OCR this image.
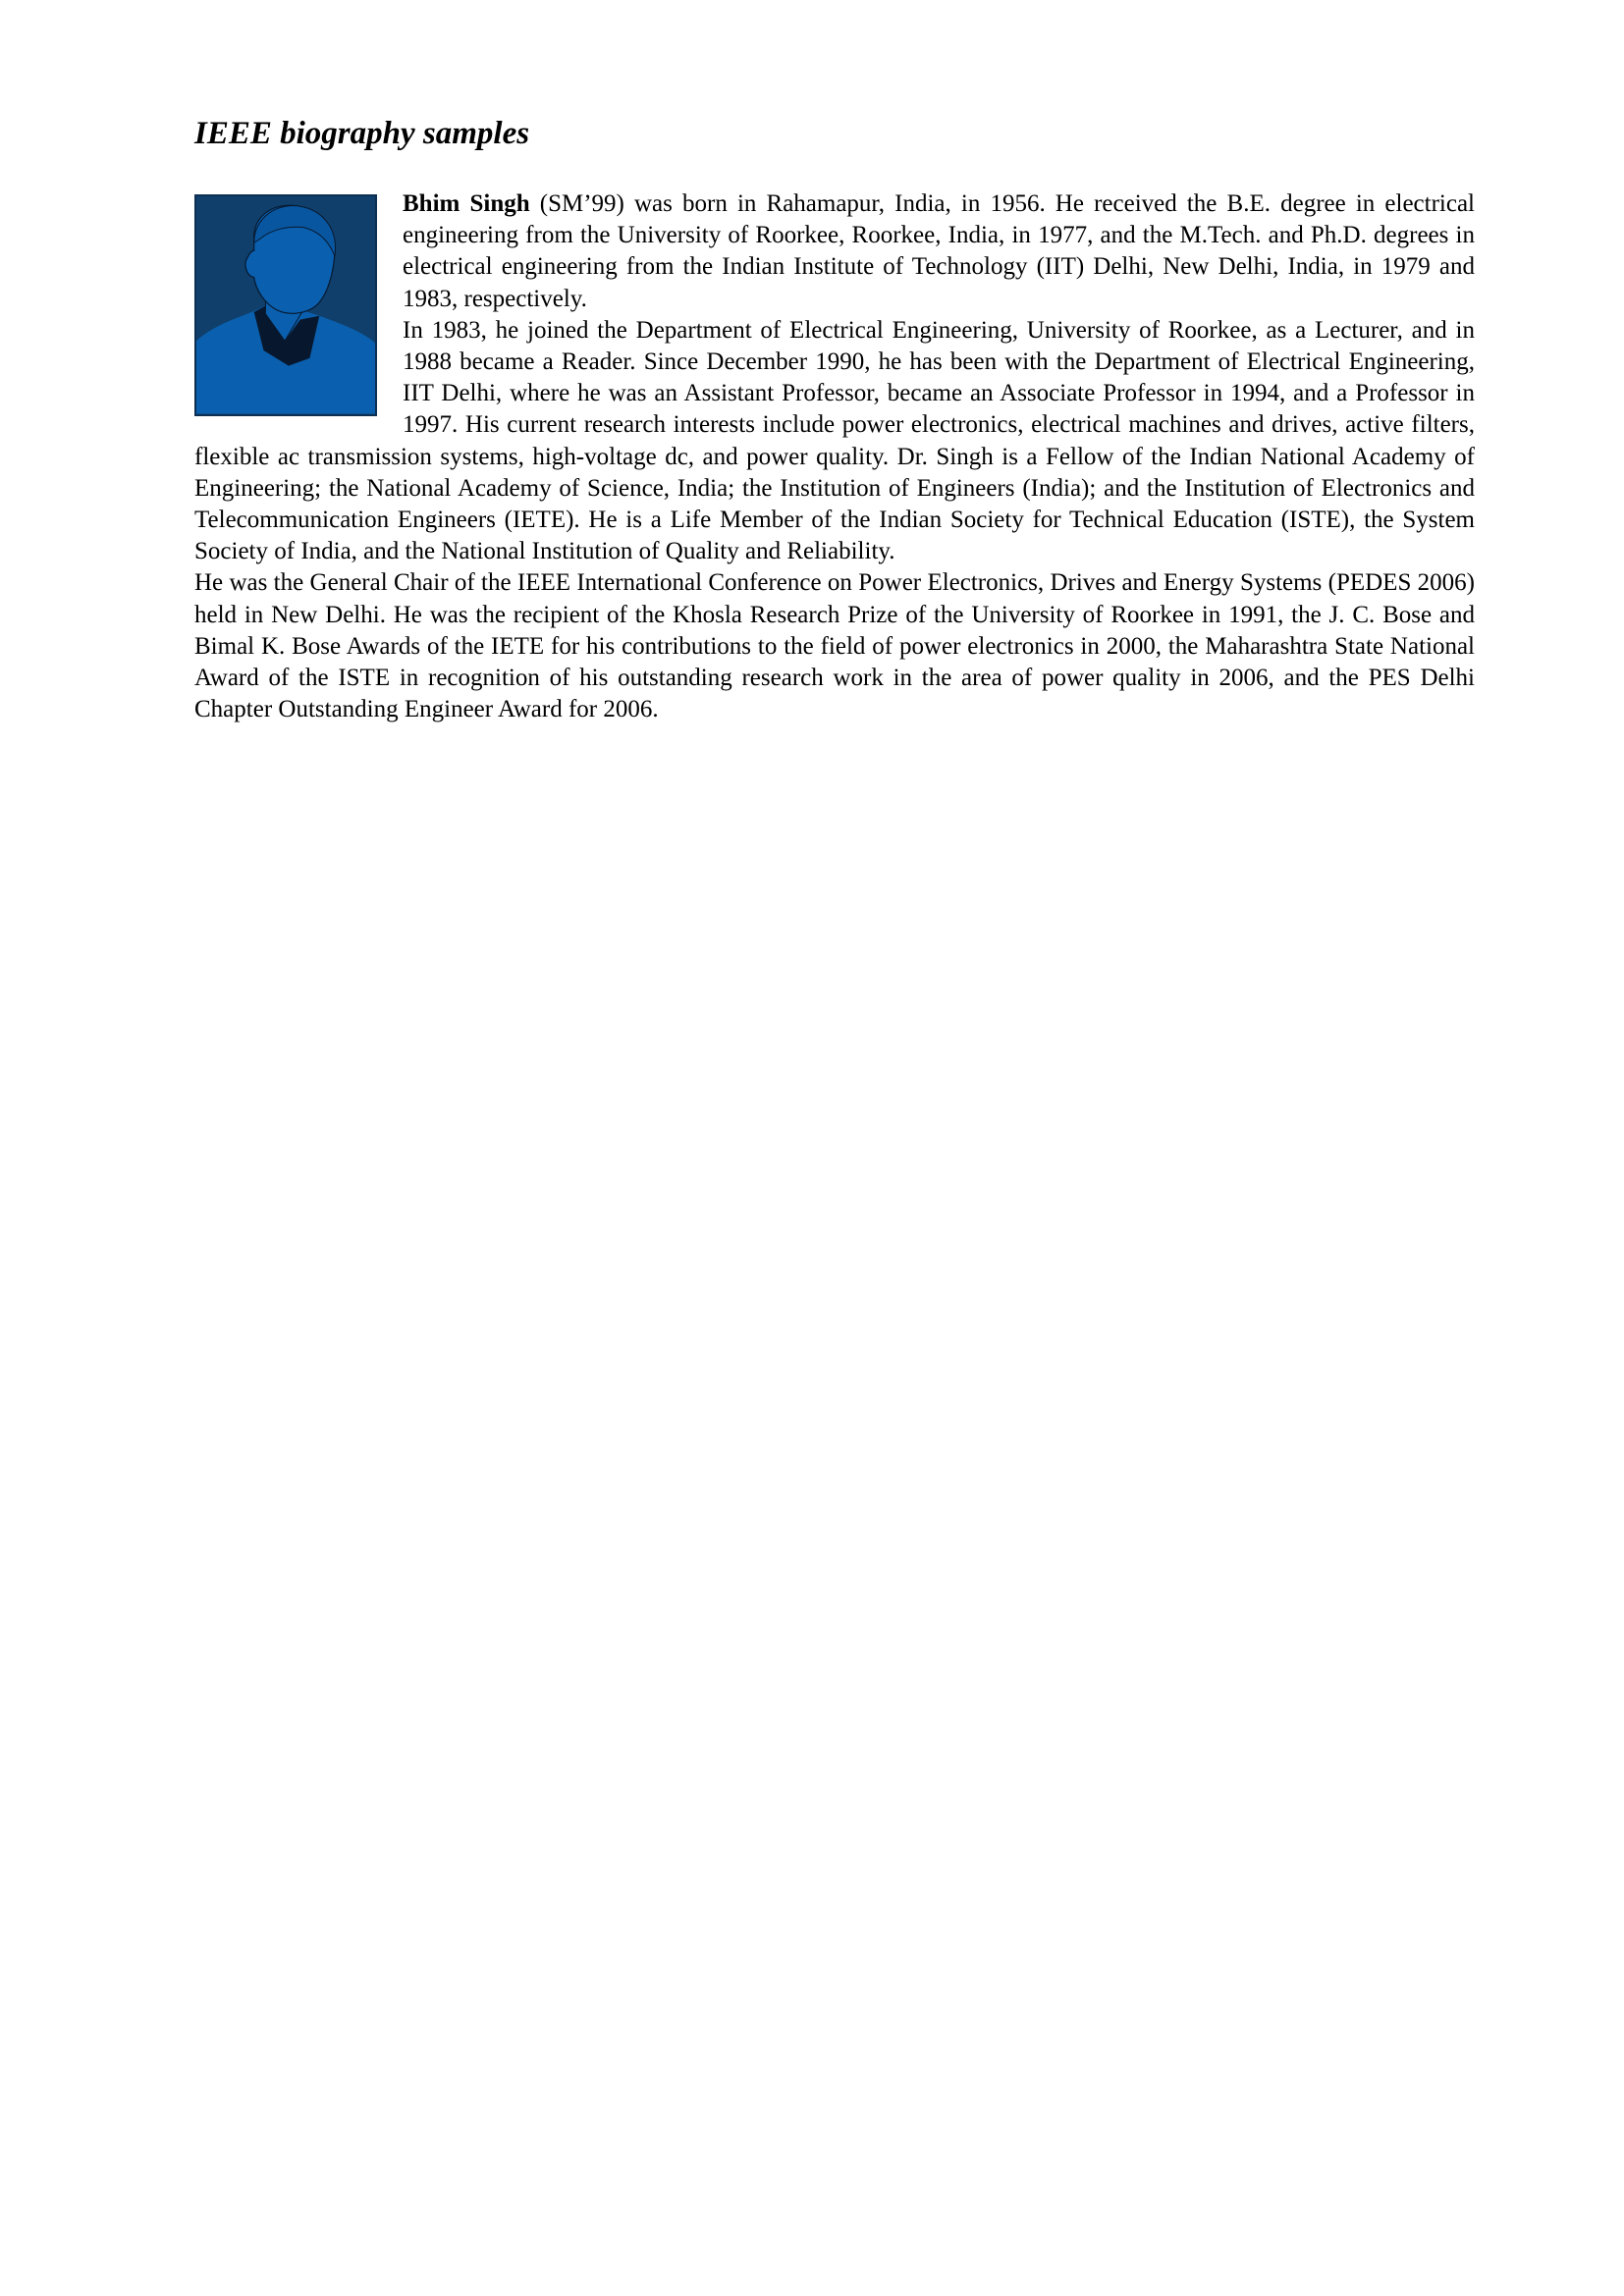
IEEE biography samples

Bhim Singh (SM’99) was born in Rahamapur, India, in 1956. He received the B.E. degree in electrical engineering from the University of Roorkee, Roorkee, India, in 1977, and the M.Tech. and Ph.D. degrees in electrical engineering from the Indian Institute of Technology (IIT) Delhi, New Delhi, India, in 1979 and 1983, respectively.

In 1983, he joined the Department of Electrical Engineering, University of Roorkee, as a Lecturer, and in 1988 became a Reader. Since December 1990, he has been with the Department of Electrical Engineering, IIT Delhi, where he was an Assistant Professor, became an Associate Professor in 1994, and a Professor in 1997. His current research interests include power electronics, electrical machines and drives, active filters, flexible ac transmission systems, high-voltage dc, and power quality. Dr. Singh is a Fellow of the Indian National Academy of Engineering; the National Academy of Science, India; the Institution of Engineers (India); and the Institution of Electronics and Telecommunication Engineers (IETE). He is a Life Member of the Indian Society for Technical Education (ISTE), the System Society of India, and the National Institution of Quality and Reliability.

He was the General Chair of the IEEE International Conference on Power Electronics, Drives and Energy Systems (PEDES 2006) held in New Delhi. He was the recipient of the Khosla Research Prize of the University of Roorkee in 1991, the J. C. Bose and Bimal K. Bose Awards of the IETE for his contributions to the field of power electronics in 2000, the Maharashtra State National Award of the ISTE in recognition of his outstanding research work in the area of power quality in 2006, and the PES Delhi Chapter Outstanding Engineer Award for 2006.
